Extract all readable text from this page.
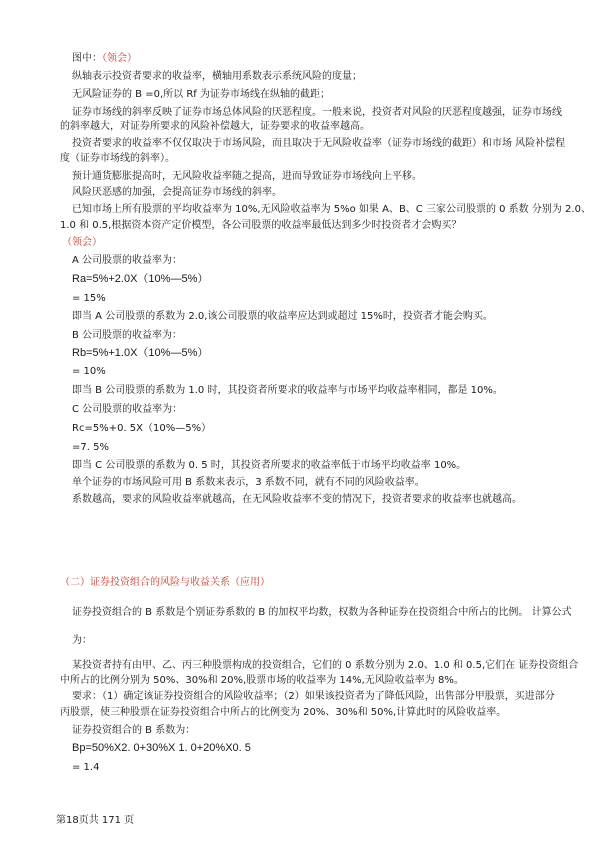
图中：（领会）
纵轴表示投资者要求的收益率，横轴用系数表示系统风险的度量；
无风险证券的 B =0,所以 Rf 为证券市场线在纵轴的截距；
证券市场线的斜率反映了证券市场总体风险的厌恶程度。一般来说，投资者对风险的厌恶程度越强，证券市场线
的斜率越大，对证券所要求的风险补偿越大，证券要求的收益率越高。
投资者要求的收益率不仅仅取决于市场风险，而且取决于无风险收益率（证券市场线的截距）和市场 风险补偿程
度（证券市场线的斜率）。
预计通货膨胀提高时，无风险收益率随之提高，进而导致证券市场线向上平移。
风险厌恶感的加强，会提高证券市场线的斜率。
已知市场上所有股票的平均收益率为 10%,无风险收益率为 5%o 如果 A、B、C 三家公司股票的 0 系数 分别为 2.0、
1.0 和 0.5,根据资本资产定价模型，各公司股票的收益率最低达到多少时投资者才会购买？
（领会）
A 公司股票的收益率为：
Ra=5%+2.0X（10%—5%）
= 15%
即当 A 公司股票的系数为 2.0,该公司股票的收益率应达到或超过 15%时，投资者才能会购买。
B 公司股票的收益率为：
Rb=5%+1.0X（10%—5%）
= 10%
即当 B 公司股票的系数为 1.0 时，其投资者所要求的收益率与市场平均收益率相同，都是 10%。
C 公司股票的收益率为：
Rc=5%+0. 5X（10%—5%）
=7. 5%
即当 C 公司股票的系数为 0. 5 时，其投资者所要求的收益率低于市场平均收益率 10%。
单个证券的市场风险可用 B 系数来表示，3 系数不同，就有不同的风险收益率。
系数越高，要求的风险收益率就越高，在无风险收益率不变的情况下，投资者要求的收益率也就越高。
（二）证券投资组合的风险与收益关系（应用）
证券投资组合的 B 系数是个别证券系数的 B 的加权平均数，权数为各种证券在投资组合中所占的比例。 计算公式
为：
某投资者持有由甲、乙、丙三种股票构成的投资组合，它们的 0 系数分别为 2.0、1.0 和 0.5,它们在 证券投资组合
中所占的比例分别为 50%、30%和 20%,股票市场的收益率为 14%,无风险收益率为 8%。
要求：（1）确定该证券投资组合的风险收益率；（2）如果该投资者为了降低风险，出售部分甲股票，买进部分
丙股票，使三种股票在证券投资组合中所占的比例变为 20%、30%和 50%,计算此时的风险收益率。
证券投资组合的 B 系数为：
Bp=50%X2. 0+30%X 1. 0+20%X0. 5
= 1.4
第18页共 171 页
